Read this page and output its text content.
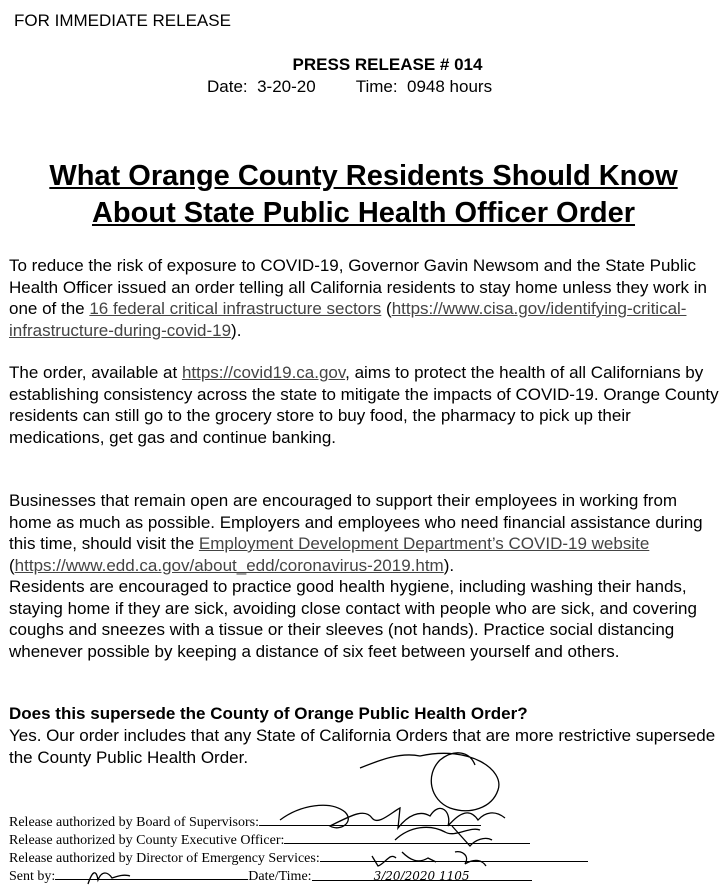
FOR IMMEDIATE RELEASE
PRESS RELEASE # 014
Date:  3-20-20 Time:  0948 hours
What Orange County Residents Should Know
About State Public Health Officer Order
To reduce the risk of exposure to COVID-19, Governor Gavin Newsom and the State Public Health Officer issued an order telling all California residents to stay home unless they work in one of the 16 federal critical infrastructure sectors (https://www.cisa.gov/identifying-critical-infrastructure-during-covid-19).
The order, available at https://covid19.ca.gov, aims to protect the health of all Californians by establishing consistency across the state to mitigate the impacts of COVID-19. Orange County residents can still go to the grocery store to buy food, the pharmacy to pick up their medications, get gas and continue banking.
Businesses that remain open are encouraged to support their employees in working from home as much as possible. Employers and employees who need financial assistance during this time, should visit the Employment Development Department’s COVID-19 website (https://www.edd.ca.gov/about_edd/coronavirus-2019.htm).
Residents are encouraged to practice good health hygiene, including washing their hands, staying home if they are sick, avoiding close contact with people who are sick, and covering coughs and sneezes with a tissue or their sleeves (not hands). Practice social distancing whenever possible by keeping a distance of six feet between yourself and others.
Does this supersede the County of Orange Public Health Order?
Yes. Our order includes that any State of California Orders that are more restrictive supersede the County Public Health Order.
Release authorized by Board of Supervisors:
Release authorized by County Executive Officer:
Release authorized by Director of Emergency Services:
Sent by:	Date/Time:	3/20/2020 1105
